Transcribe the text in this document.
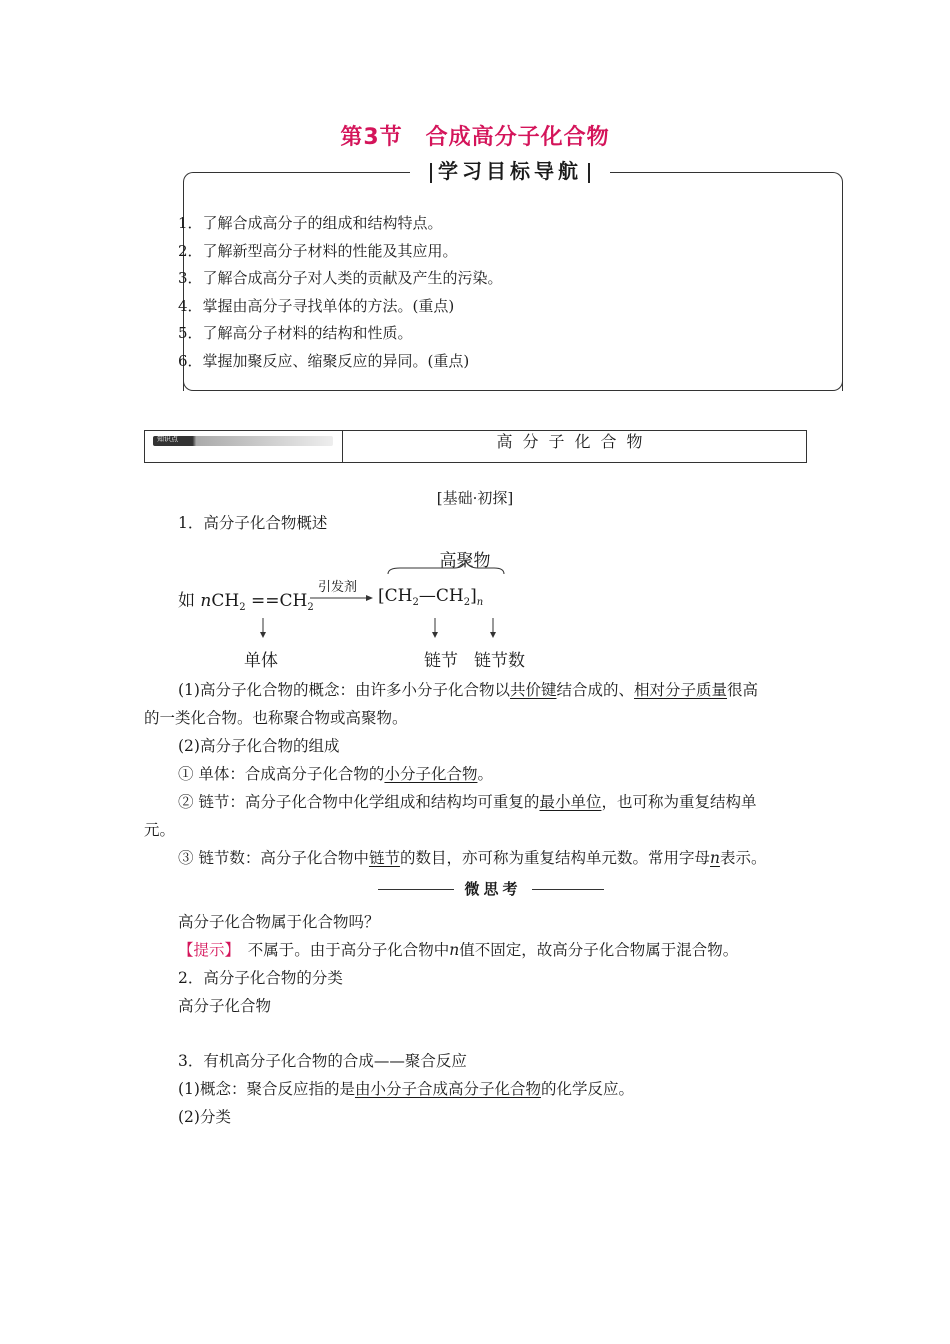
第3节　合成高分子化合物
学习目标导航
1．了解合成高分子的组成和结构特点。
2．了解新型高分子材料的性能及其应用。
3．了解合成高分子对人类的贡献及产生的污染。
4．掌握由高分子寻找单体的方法。(重点)
5．了解高分子材料的结构和性质。
6．掌握加聚反应、缩聚反应的异同。(重点)
知识点	高分子化合物
[基础·初探]
1．高分子化合物概述
高聚物
引发剂
如 $nCH_2 ==CH_2$
$[CH_2—CH_2]_n$
单体	链节 链节数
(1)高分子化合物的概念：由许多小分子化合物以共价键结合成的、相对分子质量很高
的一类化合物。也称聚合物或高聚物。
(2)高分子化合物的组成
① 单体：合成高分子化合物的小分子化合物。
② 链节：高分子化合物中化学组成和结构均可重复的最小单位，也可称为重复结构单
元。
③ 链节数：高分子化合物中链节的数目，亦可称为重复结构单元数。常用字母n表示。
微思考
高分子化合物属于化合物吗？
【提示】　不属于。由于高分子化合物中n值不固定，故高分子化合物属于混合物。
2．高分子化合物的分类
高分子化合物
3．有机高分子化合物的合成——聚合反应
(1)概念：聚合反应指的是由小分子合成高分子化合物的化学反应。
(2)分类
